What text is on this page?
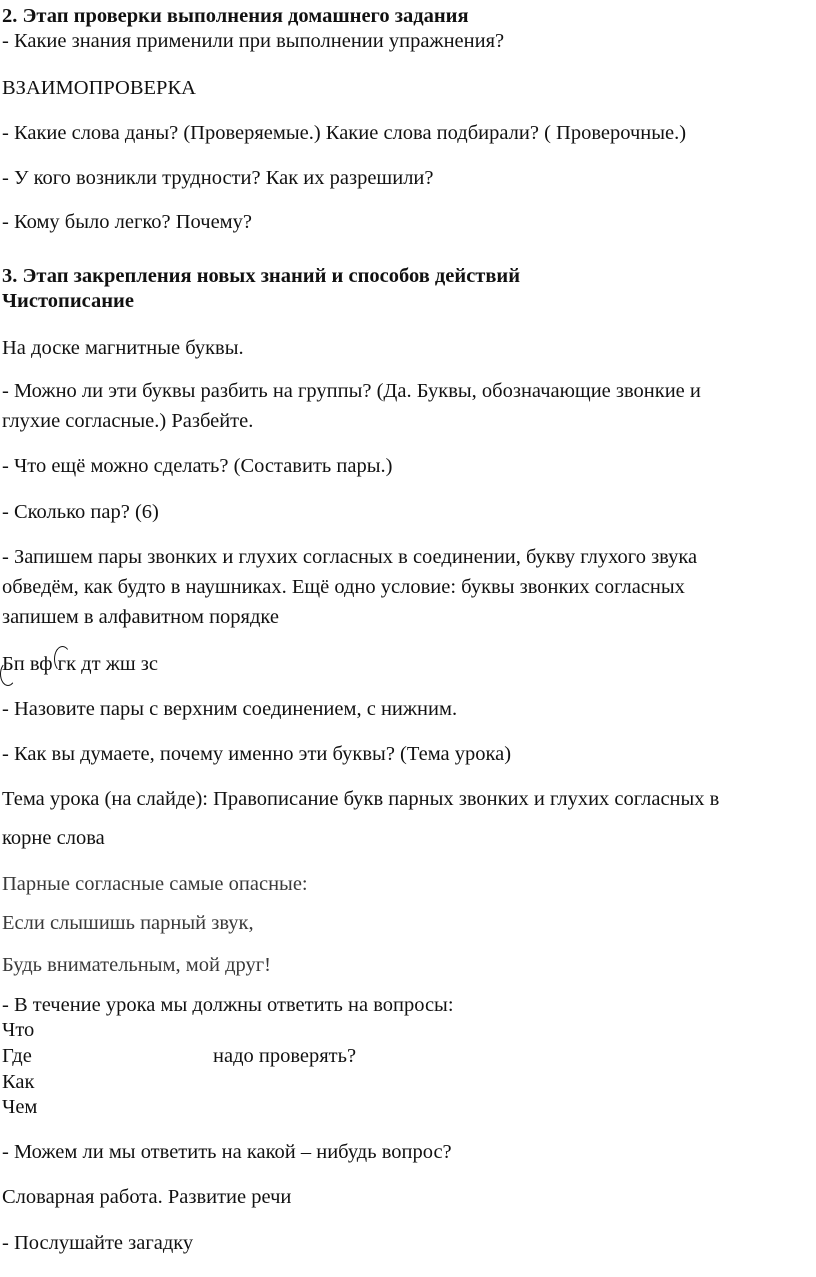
2. Этап проверки выполнения домашнего задания
- Какие знания применили при выполнении упражнения?
ВЗАИМОПРОВЕРКА
- Какие слова даны? (Проверяемые.) Какие слова подбирали? ( Проверочные.)
- У кого возникли трудности? Как их разрешили?
- Кому было легко? Почему?
3. Этап закрепления новых знаний и способов действий
Чистописание
На доске магнитные буквы.
- Можно ли эти буквы разбить на группы? (Да. Буквы, обозначающие звонкие и
глухие согласные.) Разбейте.
- Что ещё можно сделать? (Составить пары.)
- Сколько пар? (6)
- Запишем пары звонких и глухих согласных в соединении, букву глухого звука
обведём, как будто в наушниках. Ещё одно условие: буквы звонких согласных
запишем в алфавитном порядке
Бп вф гк дт жш зс
- Назовите пары с верхним соединением, с нижним.
- Как вы думаете, почему именно эти буквы? (Тема урока)
Тема урока (на слайде): Правописание букв парных звонких и глухих согласных в
корне слова
Парные согласные самые опасные:
Если слышишь парный звук,
Будь внимательным, мой друг!
- В течение урока мы должны ответить на вопросы:
Что
Где	надо проверять?
Как
Чем
- Можем ли мы ответить на какой – нибудь вопрос?
Словарная работа. Развитие речи
- Послушайте загадку
